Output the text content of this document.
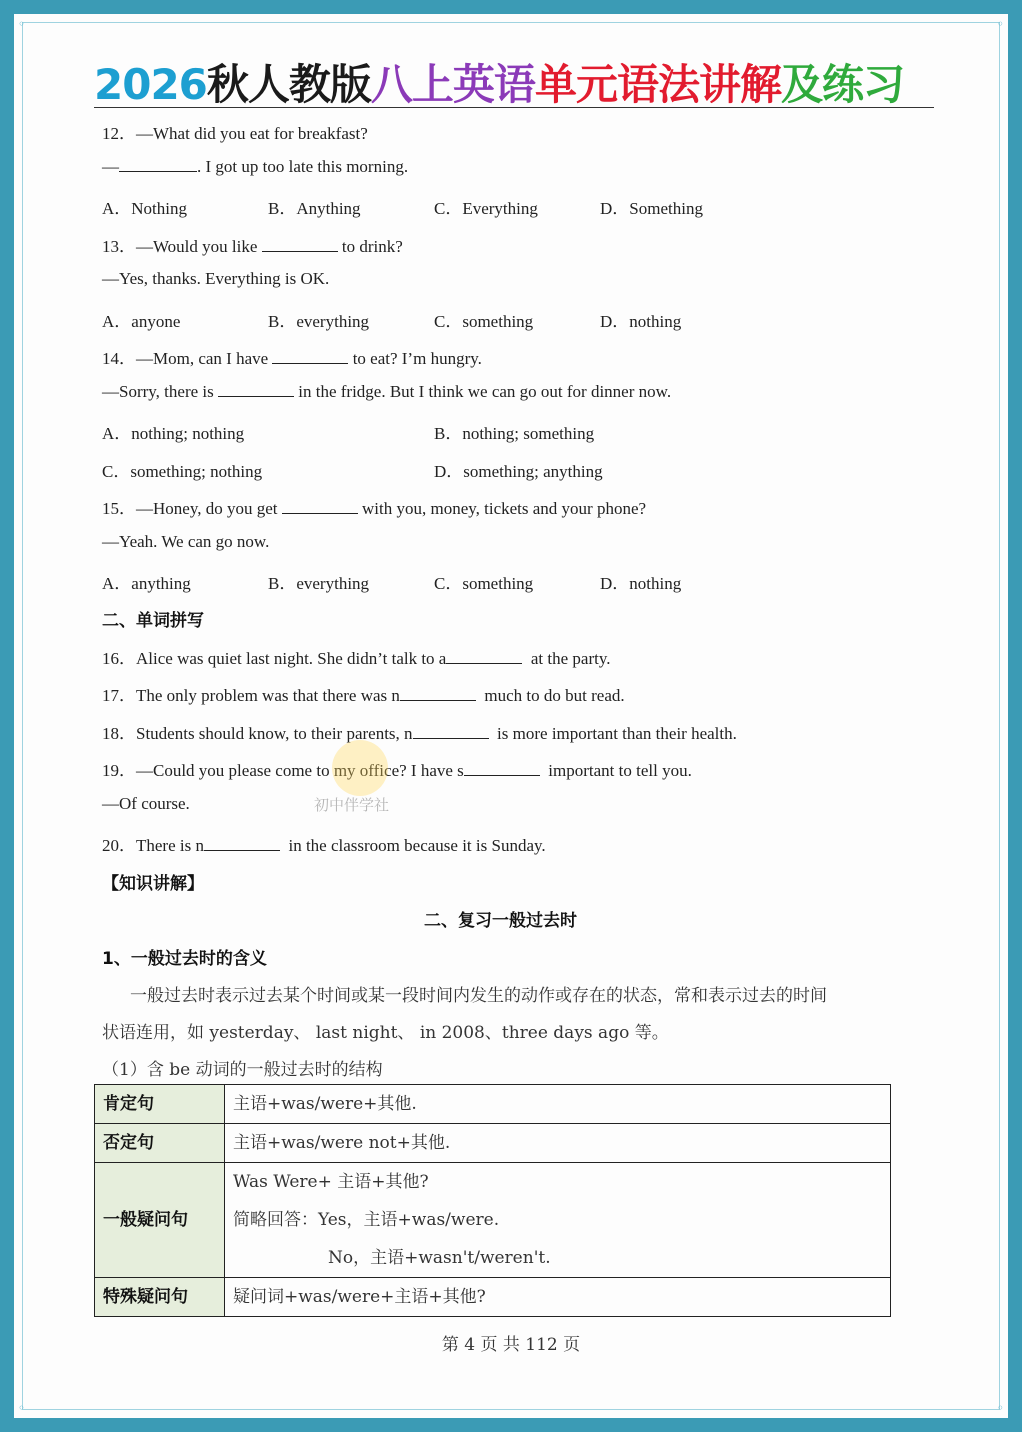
◦	◦
◦	◦
2026秋人教版八上英语单元语法讲解及练习
12．—What did you eat for breakfast?
—	. I got up too late this morning.
A．Nothing	B．Anything	C．Everything	D．Something
13．—Would you like	to drink?
—Yes, thanks. Everything is OK.
A．anyone	B．everything	C．something	D．nothing
14．—Mom, can I have	to eat? I’m hungry.
—Sorry, there is	in the fridge. But I think we can go out for dinner now.
A．nothing; nothing	B．nothing; something
C．something; nothing	D．something; anything
15．—Honey, do you get	with you, money, tickets and your phone?
—Yeah. We can go now.
A．anything	B．everything	C．something	D．nothing
二、单词拼写
16．Alice was quiet last night. She didn’t talk to a	at the party.
17．The only problem was that there was n	much to do but read.
18．Students should know, to their parents, n	is more important than their health.
19．—Could you please come to my office? I have s	important to tell you.
—Of course.
20．There is n	in the classroom because it is Sunday.
初中伴学社
【知识讲解】
二、复习一般过去时
1、一般过去时的含义
一般过去时表示过去某个时间或某一段时间内发生的动作或存在的状态，常和表示过去的时间
状语连用，如 yesterday、 last night、 in 2008、three days ago 等。
（1）含 be 动词的一般过去时的结构
肯定句	主语+was/were+其他.

否定句	主语+was/were not+其他.

一般疑问句	Was Were+ 主语+其他?
简略回答：Yes，主语+was/were.
No，主语+wasn't/weren't.

特殊疑问句	疑问词+was/were+主语+其他?
第 4 页 共 112 页
